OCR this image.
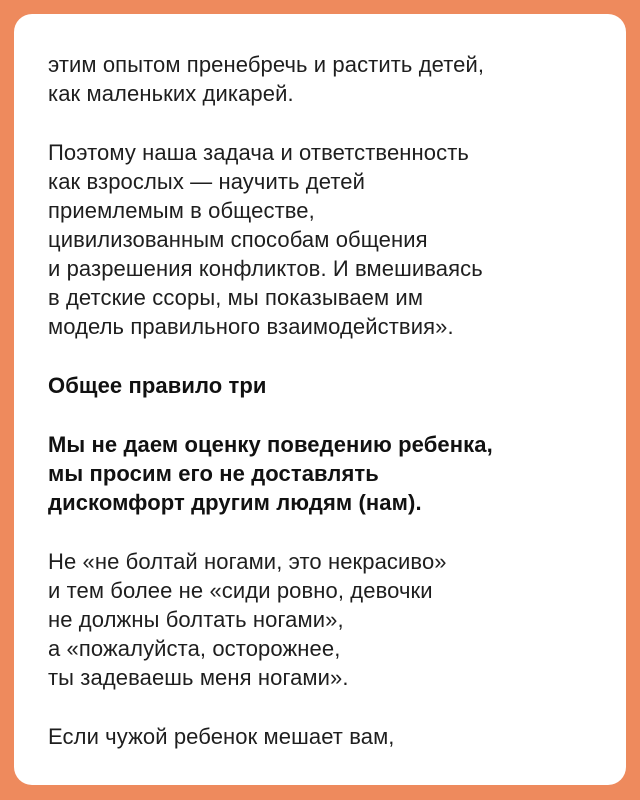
этим опытом пренебречь и растить детей,
как маленьких дикарей.

Поэтому наша задача и ответственность
как взрослых — научить детей
приемлемым в обществе,
цивилизованным способам общения
и разрешения конфликтов. И вмешиваясь
в детские ссоры, мы показываем им
модель правильного взаимодействия».

Общее правило три

Мы не даем оценку поведению ребенка,
мы просим его не доставлять
дискомфорт другим людям (нам).

Не «не болтай ногами, это некрасиво»
и тем более не «сиди ровно, девочки
не должны болтать ногами»,
а «пожалуйста, осторожнее,
ты задеваешь меня ногами».

Если чужой ребенок мешает вам,
